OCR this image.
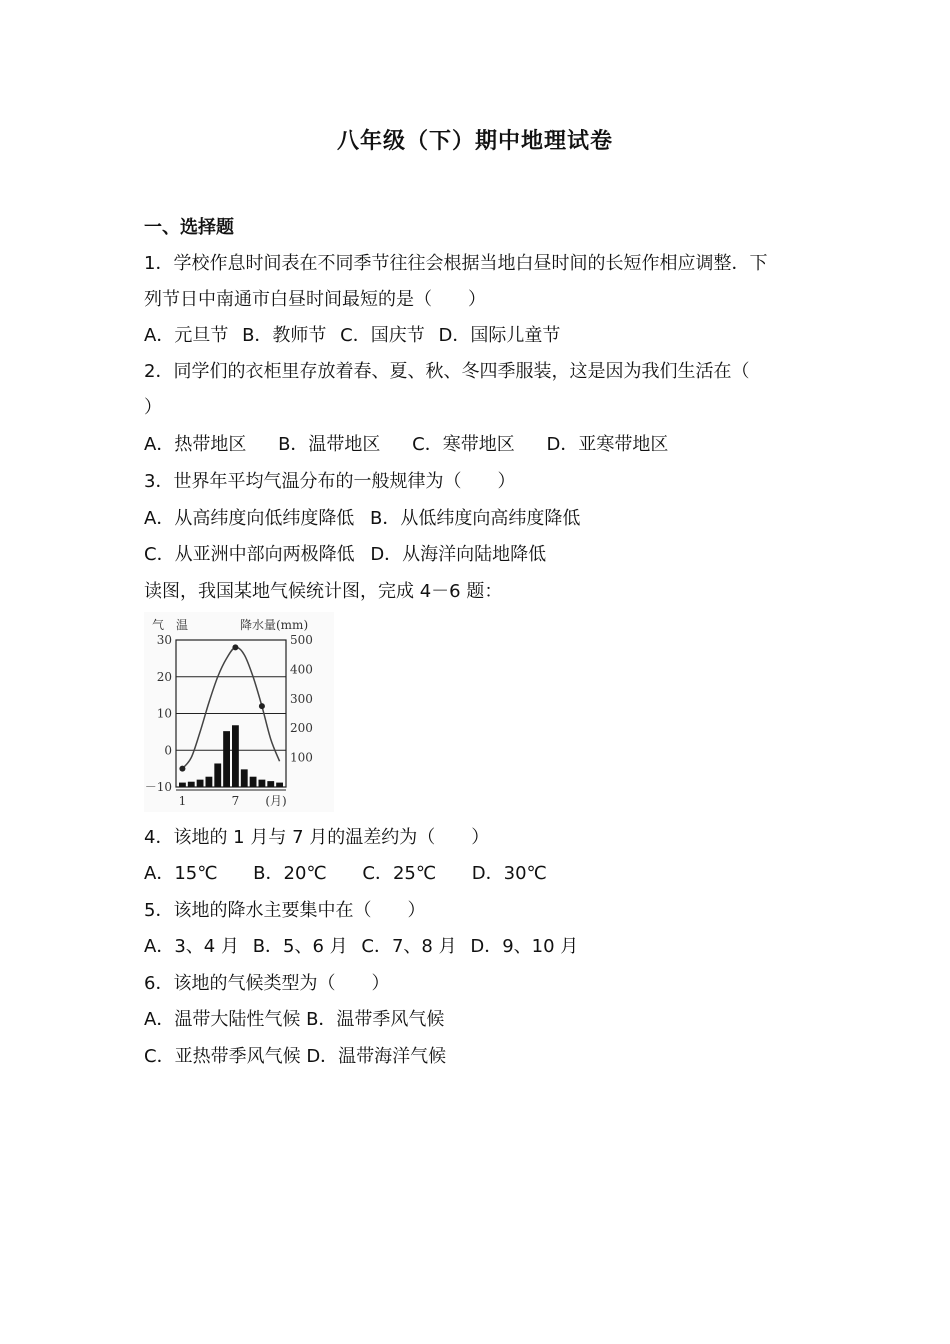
八年级（下）期中地理试卷
一、选择题
1．学校作息时间表在不同季节往往会根据当地白昼时间的长短作相应调整．下
列节日中南通市白昼时间最短的是（　　）
A．元旦节 B．教师节 C．国庆节 D．国际儿童节
2．同学们的衣柜里存放着春、夏、秋、冬四季服装，这是因为我们生活在（
）
A．热带地区 B．温带地区 C．寒带地区 D．亚寒带地区
3．世界年平均气温分布的一般规律为（　　）
A．从高纬度向低纬度降低 B．从低纬度向高纬度降低
C．从亚洲中部向两极降低 D．从海洋向陆地降低
读图，我国某地气候统计图，完成 4－6 题：
气　温	降水量(mm)
30
20
10
0
－10
500
400
300
200
100
1	7 (月)
4．该地的 1 月与 7 月的温差约为（　　）
A．15℃ B．20℃ C．25℃ D．30℃
5．该地的降水主要集中在（　　）
A．3、4 月 B．5、6 月 C．7、8 月 D．9、10 月
6．该地的气候类型为（　　）
A．温带大陆性气候 B．温带季风气候
C．亚热带季风气候 D．温带海洋气候
